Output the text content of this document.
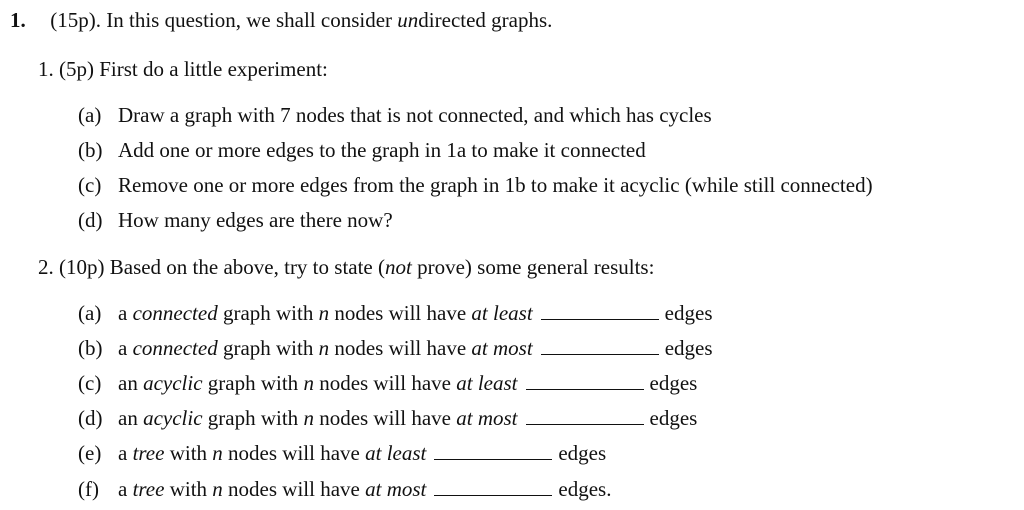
1. (15p). In this question, we shall consider undirected graphs.
1. (5p) First do a little experiment:
(a) Draw a graph with 7 nodes that is not connected, and which has cycles
(b) Add one or more edges to the graph in 1a to make it connected
(c) Remove one or more edges from the graph in 1b to make it acyclic (while still connected)
(d) How many edges are there now?
2. (10p) Based on the above, try to state (not prove) some general results:
(a) a connected graph with n nodes will have at least	edges
(b) a connected graph with n nodes will have at most	edges
(c) an acyclic graph with n nodes will have at least	edges
(d) an acyclic graph with n nodes will have at most	edges
(e) a tree with n nodes will have at least	edges
(f) a tree with n nodes will have at most	edges.
